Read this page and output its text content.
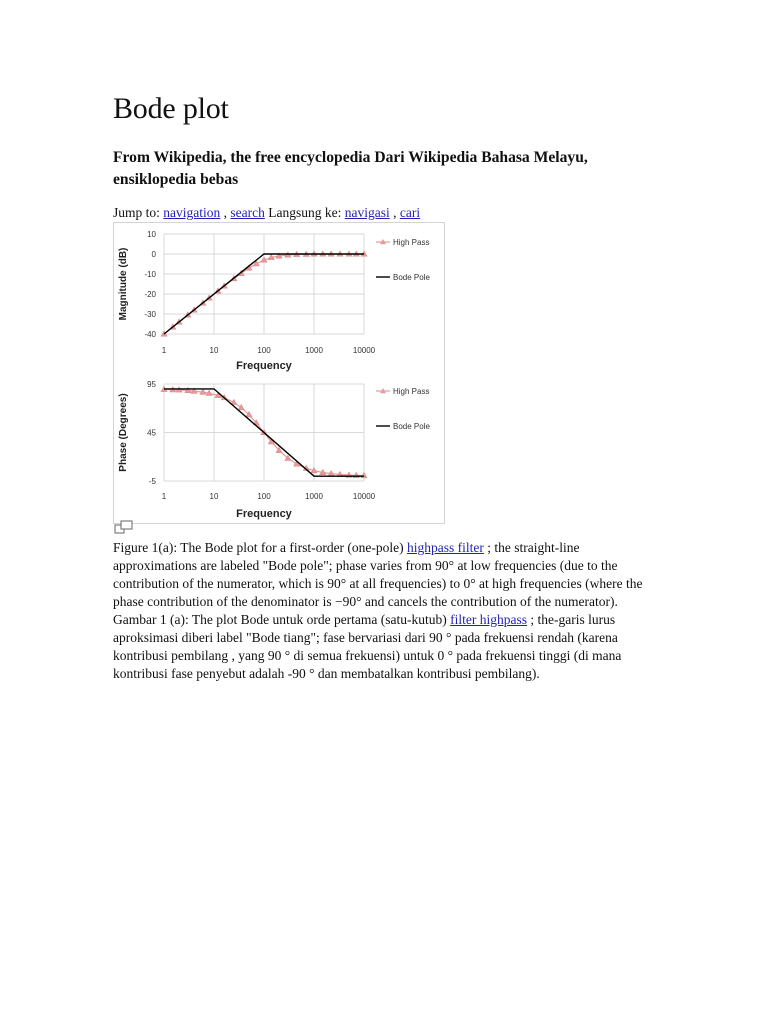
Bode plot

From Wikipedia, the free encyclopedia Dari Wikipedia Bahasa Melayu, ensiklopedia bebas

Jump to: navigation , search Langsung ke: navigasi , cari

10
0
-10
-20
-30
-40
1	10	100	1000	10000
Frequency
Magnitude (dB)
High Pass
Bode Pole
95
45
-5
1	10	100	1000	10000
Frequency
Phase (Degrees)
High Pass
Bode Pole

Figure 1(a): The Bode plot for a first-order (one-pole) highpass filter ; the straight-line approximations are labeled "Bode pole"; phase varies from 90° at low frequencies (due to the contribution of the numerator, which is 90° at all frequencies) to 0° at high frequencies (where the phase contribution of the denominator is −90° and cancels the contribution of the numerator). Gambar 1 (a): The plot Bode untuk orde pertama (satu-kutub) filter highpass ; the-garis lurus aproksimasi diberi label "Bode tiang"; fase bervariasi dari 90 ° pada frekuensi rendah (karena kontribusi pembilang , yang 90 ° di semua frekuensi) untuk 0 ° pada frekuensi tinggi (di mana kontribusi fase penyebut adalah -90 ° dan membatalkan kontribusi pembilang).
